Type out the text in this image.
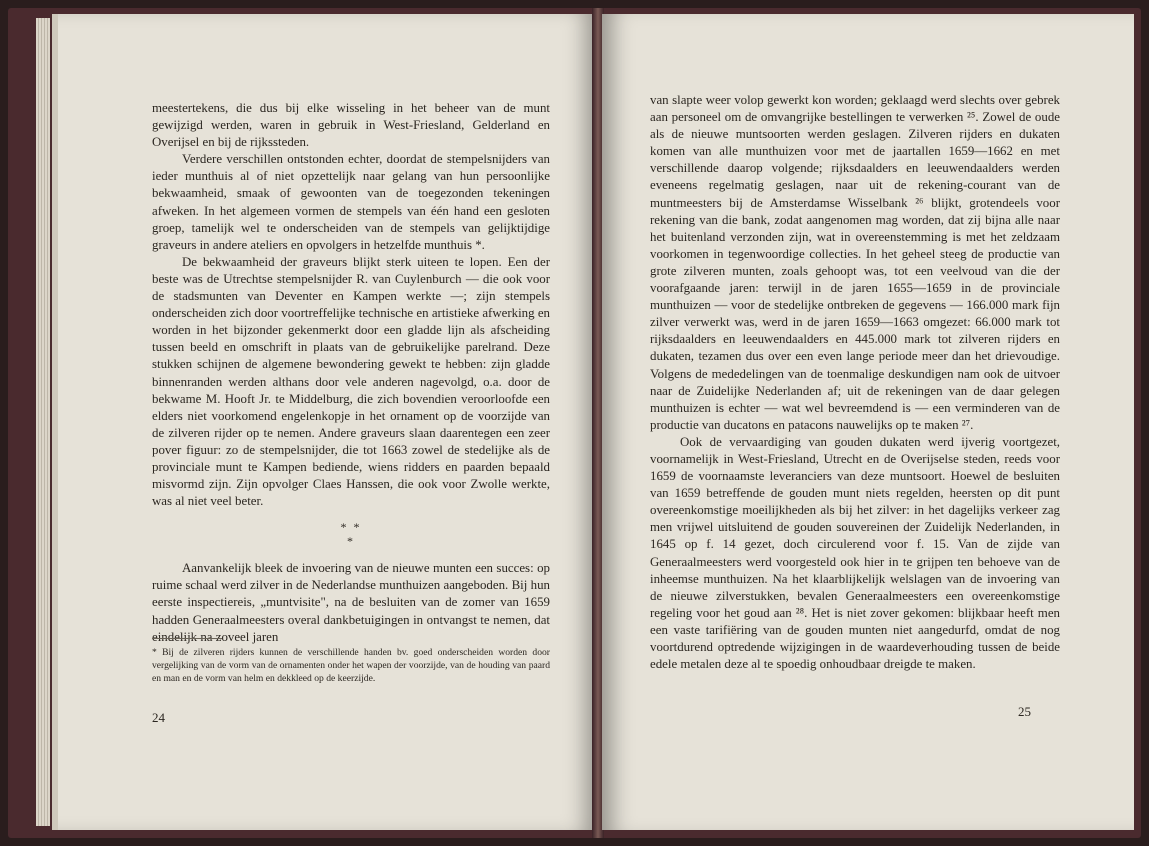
meestertekens, die dus bij elke wisseling in het beheer van de munt gewijzigd werden, waren in gebruik in West-Friesland, Gelderland en Overijsel en bij de rijkssteden.

Verdere verschillen ontstonden echter, doordat de stempelsnijders van ieder munthuis al of niet opzettelijk naar gelang van hun persoonlijke bekwaamheid, smaak of gewoonten van de toegezonden tekeningen afweken. In het algemeen vormen de stempels van één hand een gesloten groep, tamelijk wel te onderscheiden van de stempels van gelijktijdige graveurs in andere ateliers en opvolgers in hetzelfde munthuis *.

De bekwaamheid der graveurs blijkt sterk uiteen te lopen. Een der beste was de Utrechtse stempelsnijder R. van Cuylenburch — die ook voor de stadsmunten van Deventer en Kampen werkte —; zijn stempels onderscheiden zich door voortreffelijke technische en artistieke afwerking en worden in het bijzonder gekenmerkt door een gladde lijn als afscheiding tussen beeld en omschrift in plaats van de gebruikelijke parelrand. Deze stukken schijnen de algemene bewondering gewekt te hebben: zijn gladde binnenranden werden althans door vele anderen nagevolgd, o.a. door de bekwame M. Hooft Jr. te Middelburg, die zich bovendien veroorloofde een elders niet voorkomend engelenkopje in het ornament op de voorzijde van de zilveren rijder op te nemen. Andere graveurs slaan daarentegen een zeer pover figuur: zo de stempelsnijder, die tot 1663 zowel de stedelijke als de provinciale munt te Kampen bediende, wiens ridders en paarden bepaald misvormd zijn. Zijn opvolger Claes Hanssen, die ook voor Zwolle werkte, was al niet veel beter.

* *
*

Aanvankelijk bleek de invoering van de nieuwe munten een succes: op ruime schaal werd zilver in de Nederlandse munthuizen aangeboden. Bij hun eerste inspectiereis, „muntvisite", na de besluiten van de zomer van 1659 hadden Generaalmeesters overal dankbetuigingen in ontvangst te nemen, dat eindelijk na zoveel jaren

* Bij de zilveren rijders kunnen de verschillende handen bv. goed onderscheiden worden door vergelijking van de vorm van de ornamenten onder het wapen der voorzijde, van de houding van paard en man en de vorm van helm en dekkleed op de keerzijde.
24

van slapte weer volop gewerkt kon worden; geklaagd werd slechts over gebrek aan personeel om de omvangrijke bestellingen te verwerken ²⁵. Zowel de oude als de nieuwe muntsoorten werden geslagen. Zilveren rijders en dukaten komen van alle munthuizen voor met de jaartallen 1659—1662 en met verschillende daarop volgende; rijksdaalders en leeuwendaalders werden eveneens regelmatig geslagen, naar uit de rekening-courant van de muntmeesters bij de Amsterdamse Wisselbank ²⁶ blijkt, grotendeels voor rekening van die bank, zodat aangenomen mag worden, dat zij bijna alle naar het buitenland verzonden zijn, wat in overeenstemming is met het zeldzaam voorkomen in tegenwoordige collecties. In het geheel steeg de productie van grote zilveren munten, zoals gehoopt was, tot een veelvoud van die der voorafgaande jaren: terwijl in de jaren 1655—1659 in de provinciale munthuizen — voor de stedelijke ontbreken de gegevens — 166.000 mark fijn zilver verwerkt was, werd in de jaren 1659—1663 omgezet: 66.000 mark tot rijksdaalders en leeuwendaalders en 445.000 mark tot zilveren rijders en dukaten, tezamen dus over een even lange periode meer dan het drievoudige. Volgens de mededelingen van de toenmalige deskundigen nam ook de uitvoer naar de Zuidelijke Nederlanden af; uit de rekeningen van de daar gelegen munthuizen is echter — wat wel bevreemdend is — een verminderen van de productie van ducatons en patacons nauwelijks op te maken ²⁷.

Ook de vervaardiging van gouden dukaten werd ijverig voortgezet, voornamelijk in West-Friesland, Utrecht en de Overijselse steden, reeds voor 1659 de voornaamste leveranciers van deze muntsoort. Hoewel de besluiten van 1659 betreffende de gouden munt niets regelden, heersten op dit punt overeenkomstige moeilijkheden als bij het zilver: in het dagelijks verkeer zag men vrijwel uitsluitend de gouden souvereinen der Zuidelijk Nederlanden, in 1645 op f. 14 gezet, doch circulerend voor f. 15. Van de zijde van Generaalmeesters werd voorgesteld ook hier in te grijpen ten behoeve van de inheemse munthuizen. Na het klaarblijkelijk welslagen van de invoering van de nieuwe zilverstukken, bevalen Generaalmeesters een overeenkomstige regeling voor het goud aan ²⁸. Het is niet zover gekomen: blijkbaar heeft men een vaste tarifiëring van de gouden munten niet aangedurfd, omdat de nog voortdurend optredende wijzigingen in de waardeverhouding tussen de beide edele metalen deze al te spoedig onhoudbaar dreigde te maken.

25
